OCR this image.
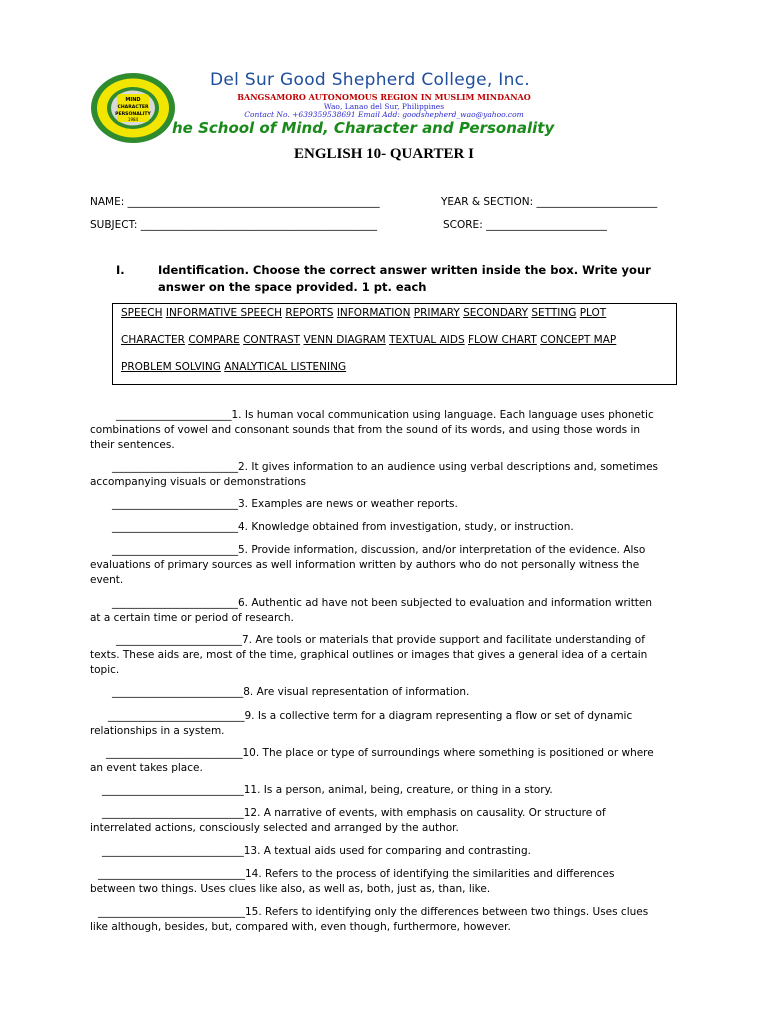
MIND
CHARACTER
PERSONALITY
1984
Del Sur Good Shepherd College, Inc.
BANGSAMORO AUTONOMOUS REGION IN MUSLIM MINDANAO
Wao, Lanao del Sur, Philippines
Contact No. +639359538691 Email Add: goodshepherd_wao@yahoo.com
he School of Mind, Character and Personality
ENGLISH 10- QUARTER I
NAME: ________________________________________________	YEAR & SECTION: _______________________
SUBJECT: _____________________________________________	SCORE: _______________________
I.	Identification. Choose the correct answer written inside the box. Write your answer on the space provided. 1 pt. each
SPEECH INFORMATIVE SPEECH REPORTS INFORMATION PRIMARY SECONDARY SETTING PLOT
CHARACTER COMPARE CONTRAST VENN DIAGRAM TEXTUAL AIDS FLOW CHART CONCEPT MAP
PROBLEM SOLVING ANALYTICAL LISTENING

______________________1. Is human vocal communication using language. Each language uses phonetic combinations of vowel and consonant sounds that from the sound of its words, and using those words in their sentences.

________________________2. It gives information to an audience using verbal descriptions and, sometimes accompanying visuals or demonstrations

________________________3. Examples are news or weather reports.

________________________4. Knowledge obtained from investigation, study, or instruction.

________________________5. Provide information, discussion, and/or interpretation of the evidence. Also evaluations of primary sources as well information written by authors who do not personally witness the event.

________________________6. Authentic ad have not been subjected to evaluation and information written at a certain time or period of research.

________________________7. Are tools or materials that provide support and facilitate understanding of texts. These aids are, most of the time, graphical outlines or images that gives a general idea of a certain topic.

_________________________8. Are visual representation of information.

__________________________9. Is a collective term for a diagram representing a flow or set of dynamic relationships in a system.

__________________________10. The place or type of surroundings where something is positioned or where an event takes place.

___________________________11. Is a person, animal, being, creature, or thing in a story.

___________________________12. A narrative of events, with emphasis on causality. Or structure of interrelated actions, consciously selected and arranged by the author.

___________________________13. A textual aids used for comparing and contrasting.

____________________________14. Refers to the process of identifying the similarities and differences between two things. Uses clues like also, as well as, both, just as, than, like.

____________________________15. Refers to identifying only the differences between two things. Uses clues like although, besides, but, compared with, even though, furthermore, however.
